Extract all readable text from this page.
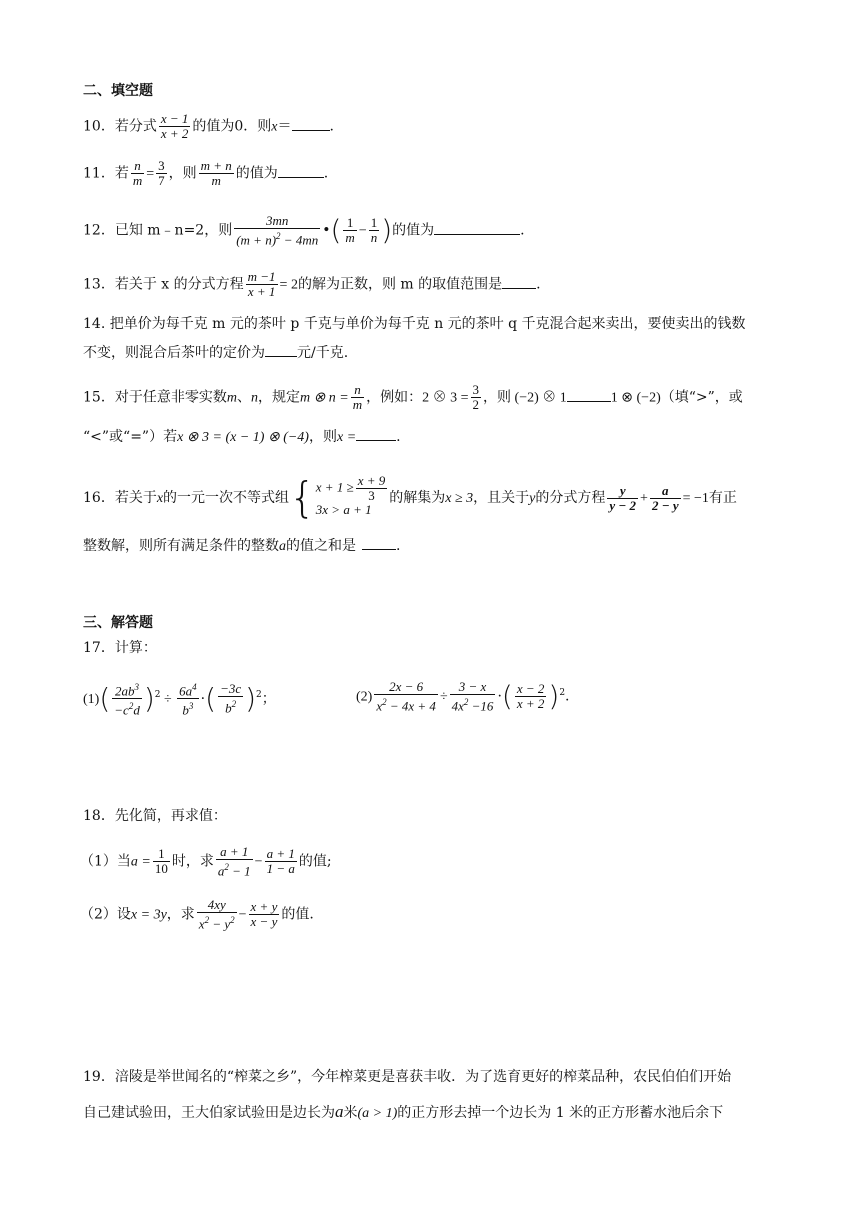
二、填空题
10．若分式 $\frac{x - 1}{x + 2}$ 的值为0．则x＝	.
11．若 $\frac{n}{m} = \frac{3}{7}$ ，则 $\frac{m + n}{m}$ 的值为	.
12．已知 m﹣n=2，则 $\frac{3mn}{(m + n)^2 - 4mn}$ •( $\frac{1}{m} - \frac{1}{n}$ )的值为	.
13．若关于 x 的分式方程 $\frac{m -1}{x + 1} = 2$的解为正数，则 m 的取值范围是 .
14. 把单价为每千克 m 元的茶叶 p 千克与单价为每千克 n 元的茶叶 q 千克混合起来卖出，要使卖出的钱数
不变，则混合后茶叶的定价为 元/千克.
15．对于任意非零实数m、n，规定m ⊗ $n = \frac{n}{m}$ ，例如：2 ⊗ $3 = \frac{3}{2}$ ，则 (−2) ⊗ 1	1 ⊗ (−2)（填“>”，或
“<”或“=”）若x ⊗ 3 = (x − 1) ⊗ (−4)，则x =	.
16．若关于x的一元一次不等式组{ $x + 1 \ge \frac{x + 9}{3}$
3x > a + 1
的解集为x ≥ 3，且关于y的分式方程 $\frac{y}{y - 2} + \frac{a}{2 - y} = -1$有正
整数解，则所有满足条件的整数a的值之和是	.
三、解答题
17．计算：
$(1)( \frac{2ab^3}{-c^2d} )^2 \div \frac{6a^4}{b^3}$ ·( $\frac{-3c}{b^2} )^2$；	$(2) \frac{2x - 6}{x^2 - 4x + 4} \div \frac{3 - x}{4x^2 -16}$ ·( $\frac{x - 2}{x + 2} )^2$.
18．先化简，再求值：
（1）当$a = \frac{1}{10}$ 时，求 $\frac{a + 1}{a^2 - 1} - \frac{a + 1}{1 - a}$ 的值;
（2）设x = 3y，求 $\frac{4xy}{x^2 - y^2} - \frac{x + y}{x - y}$ 的值.
19．涪陵是举世闻名的“榨菜之乡”，今年榨菜更是喜获丰收．为了选育更好的榨菜品种，农民伯伯们开始
自己建试验田，王大伯家试验田是边长为a米(a > 1)的正方形去掉一个边长为 1 米的正方形蓄水池后余下
